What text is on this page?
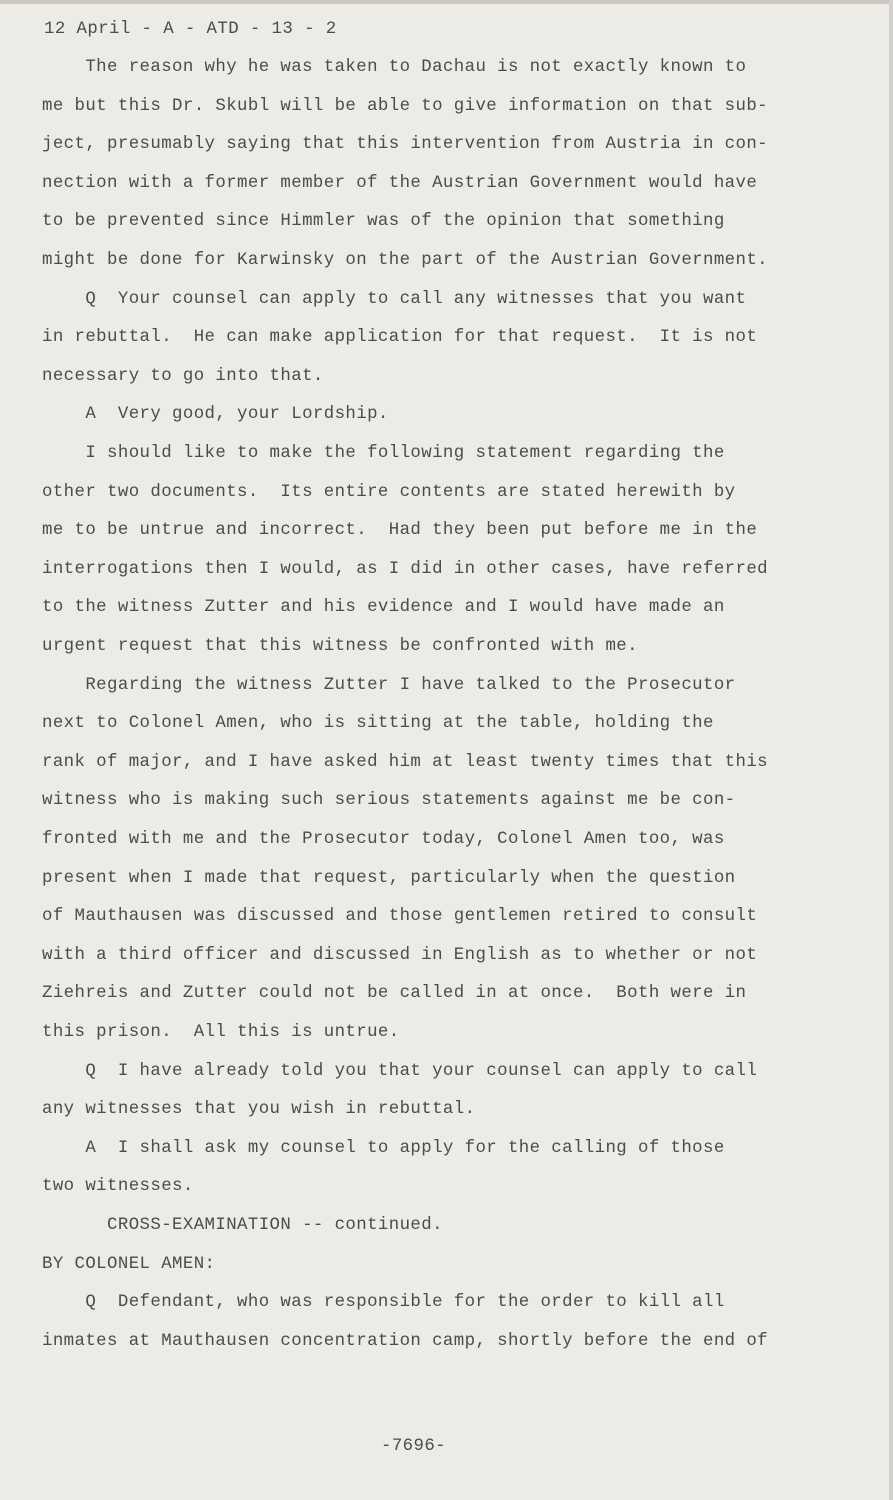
12 April - A - ATD - 13 - 2
The reason why he was taken to Dachau is not exactly known to
me but this Dr. Skubl will be able to give information on that sub-
ject, presumably saying that this intervention from Austria in con-
nection with a former member of the Austrian Government would have
to be prevented since Himmler was of the opinion that something
might be done for Karwinsky on the part of the Austrian Government.
Q  Your counsel can apply to call any witnesses that you want
in rebuttal.  He can make application for that request.  It is not
necessary to go into that.
A  Very good, your Lordship.
I should like to make the following statement regarding the
other two documents.  Its entire contents are stated herewith by
me to be untrue and incorrect.  Had they been put before me in the
interrogations then I would, as I did in other cases, have referred
to the witness Zutter and his evidence and I would have made an
urgent request that this witness be confronted with me.
Regarding the witness Zutter I have talked to the Prosecutor
next to Colonel Amen, who is sitting at the table, holding the
rank of major, and I have asked him at least twenty times that this
witness who is making such serious statements against me be con-
fronted with me and the Prosecutor today, Colonel Amen too, was
present when I made that request, particularly when the question
of Mauthausen was discussed and those gentlemen retired to consult
with a third officer and discussed in English as to whether or not
Ziehreis and Zutter could not be called in at once.  Both were in
this prison.  All this is untrue.
Q  I have already told you that your counsel can apply to call
any witnesses that you wish in rebuttal.
A  I shall ask my counsel to apply for the calling of those
two witnesses.
CROSS-EXAMINATION -- continued.
BY COLONEL AMEN:
Q  Defendant, who was responsible for the order to kill all
inmates at Mauthausen concentration camp, shortly before the end of
-7696-
